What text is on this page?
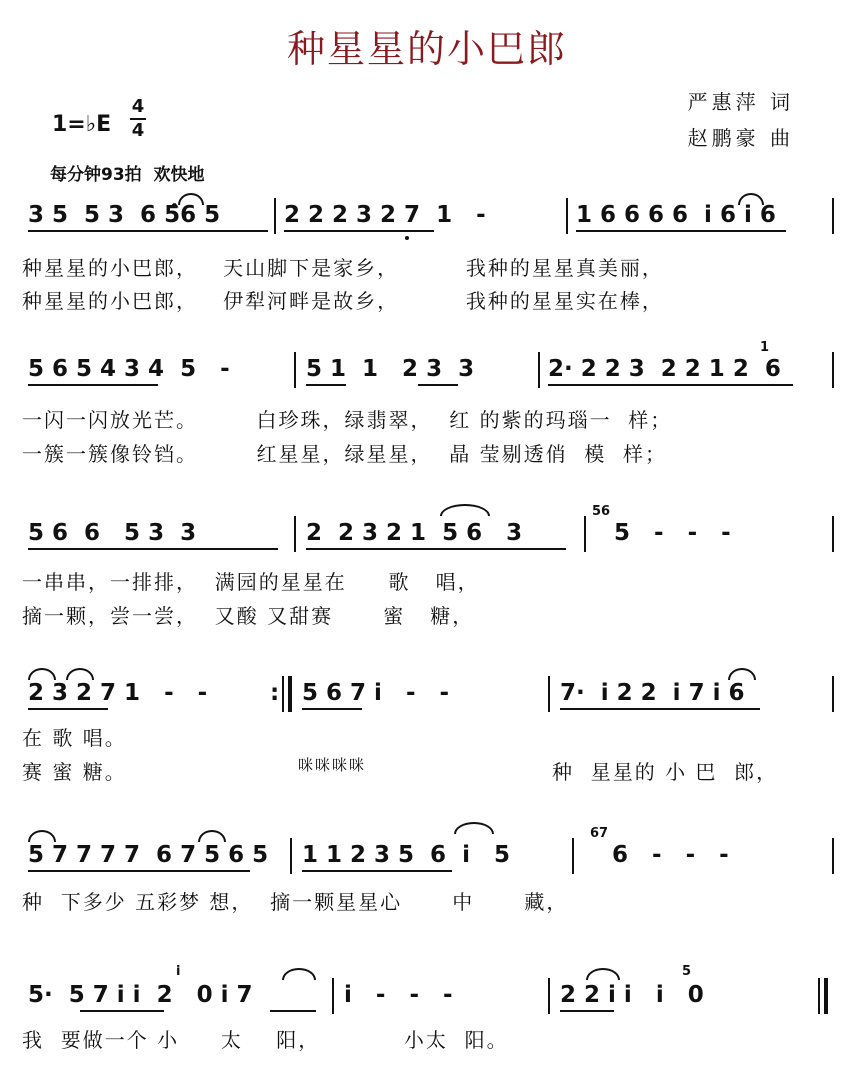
种星星的小巴郎
严惠萍 词
赵鹏豪 曲
1=♭E
4
4
每分钟93拍  欢快地
3 5  5 3  6 5̂6 5	2 2 2 3 2 7  1   -	1 6 6 6 6  i 6 i 6
种星星的小巴郎，   天山脚下是家乡，        我种的星星真美丽，
种星星的小巴郎，   伊犁河畔是故乡，        我种的星星实在棒，
5 6 5 4 3 4  5   -	5 1  1   2 3  3	2· 2 2 3  2 2 1 2  6
1
一闪一闪放光芒。       白珍珠，绿翡翠，  红 的紫的玛瑙一  样；
一簇一簇像铃铛。       红星星，绿星星，  晶 莹剔透俏  模  样；
5 6  6   5 3  3	2  2 3 2 1  5 6   3	5   -   -   -
56
一串串，一排排，  满园的星星在     歌   唱，
摘一颗，尝一尝，  又酸 又甜赛      蜜   糖，
2 3 2 7 1   -   -	: 5 6 7 i   -   -	7·  i 2 2  i 7 i 6
在 歌 唱。
赛 蜜 糖。	咪咪咪咪	种  星星的 小 巴  郎，
5 7 7 7 7  6 7 5 6 5 1 1 2 3 5  6  i   5	6   -   -   -
67
种  下多少 五彩梦 想，  摘一颗星星心      中      藏，
5·  5 7 i i  2   0 i 7	i   -   -   -	2 2 i i   i   0
i	5
我  要做一个 小     太    阳，          小太  阳。
